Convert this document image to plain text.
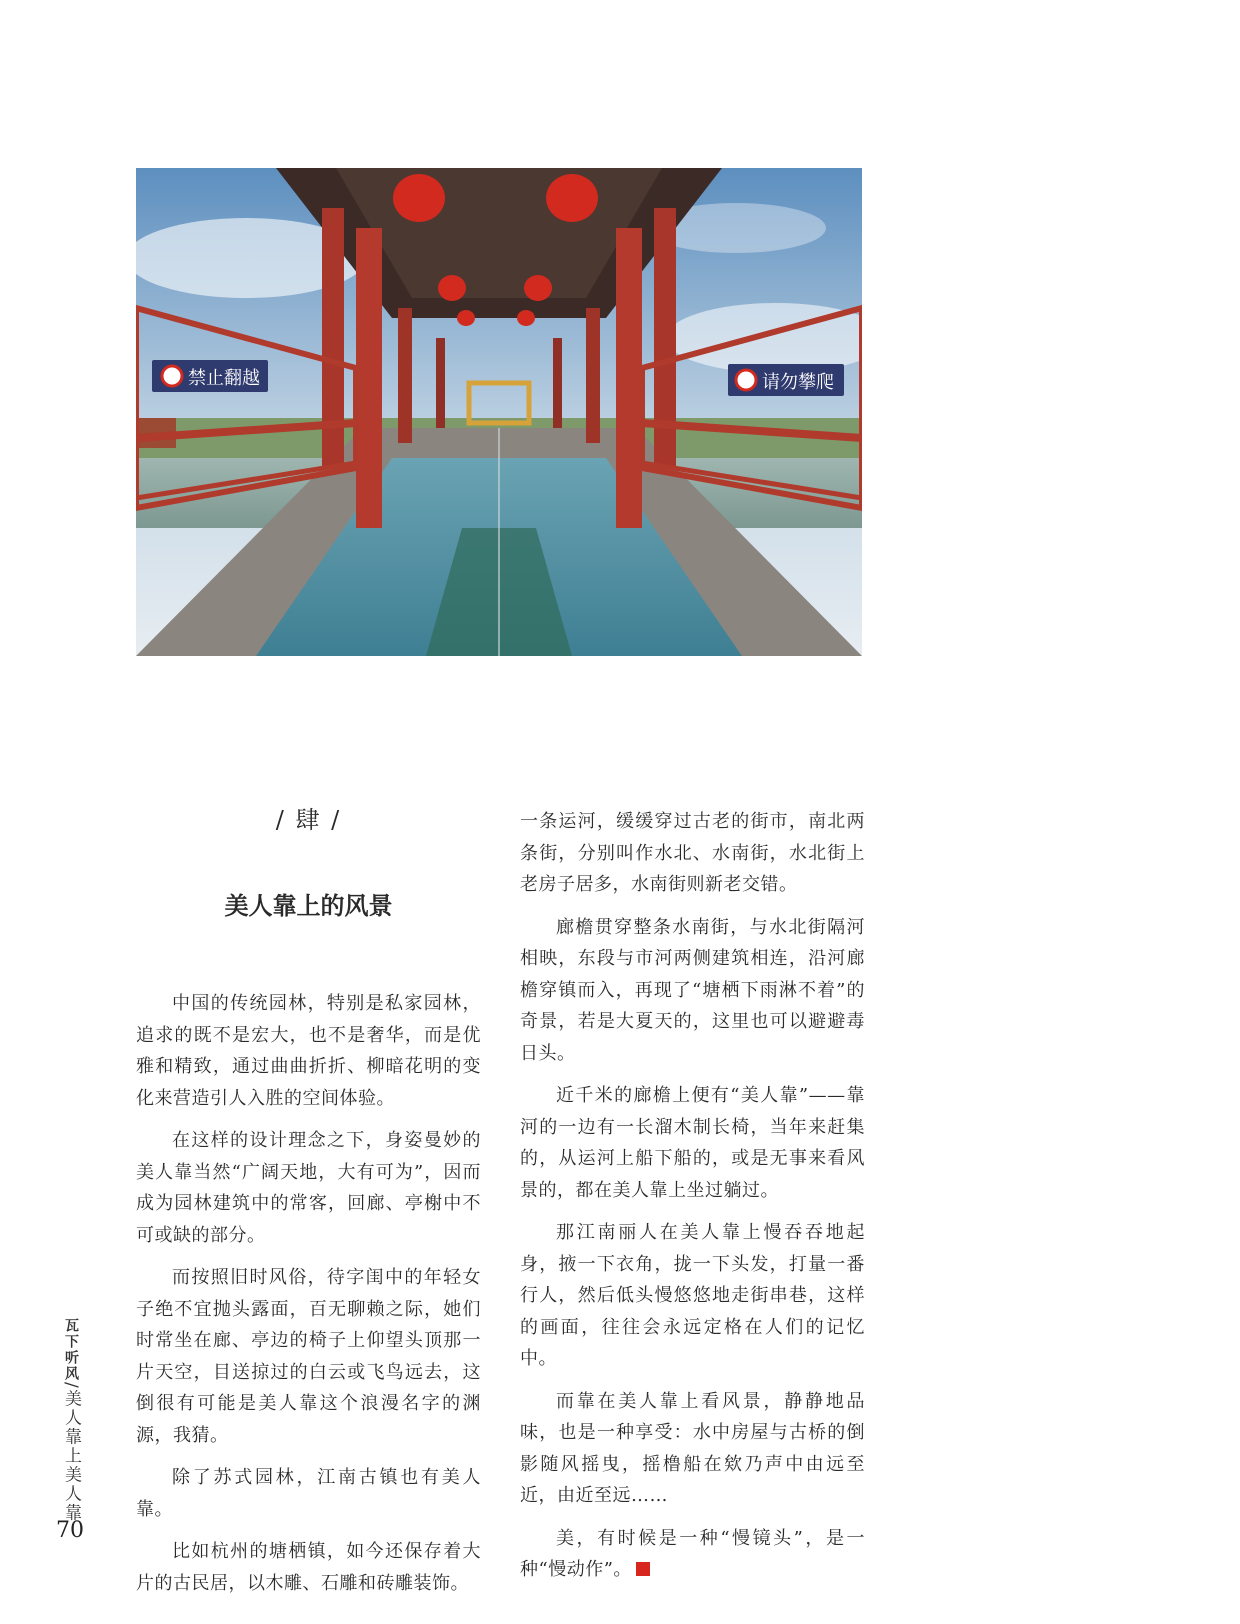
禁止翻越	请勿攀爬
/ 肆 /
美人靠上的风景

中国的传统园林，特别是私家园林，追求的既不是宏大，也不是奢华，而是优雅和精致，通过曲曲折折、柳暗花明的变化来营造引人入胜的空间体验。

在这样的设计理念之下，身姿曼妙的美人靠当然“广阔天地，大有可为”，因而成为园林建筑中的常客，回廊、亭榭中不可或缺的部分。

而按照旧时风俗，待字闺中的年轻女子绝不宜抛头露面，百无聊赖之际，她们时常坐在廊、亭边的椅子上仰望头顶那一片天空，目送掠过的白云或飞鸟远去，这倒很有可能是美人靠这个浪漫名字的渊源，我猜。

除了苏式园林，江南古镇也有美人靠。

比如杭州的塘栖镇，如今还保存着大片的古民居，以木雕、石雕和砖雕装饰。

一条运河，缓缓穿过古老的街市，南北两条街，分别叫作水北、水南街，水北街上老房子居多，水南街则新老交错。

廊檐贯穿整条水南街，与水北街隔河相映，东段与市河两侧建筑相连，沿河廊檐穿镇而入，再现了“塘栖下雨淋不着”的奇景，若是大夏天的，这里也可以避避毒日头。

近千米的廊檐上便有“美人靠”——靠河的一边有一长溜木制长椅，当年来赶集的，从运河上船下船的，或是无事来看风景的，都在美人靠上坐过躺过。

那江南丽人在美人靠上慢吞吞地起身，掖一下衣角，拢一下头发，打量一番行人，然后低头慢悠悠地走街串巷，这样的画面，往往会永远定格在人们的记忆中。

而靠在美人靠上看风景，静静地品味，也是一种享受：水中房屋与古桥的倒影随风摇曳，摇橹船在欸乃声中由远至近，由近至远……

美，有时候是一种“慢镜头”，是一种“慢动作”。

瓦下听风/美人靠上美人靠
70
